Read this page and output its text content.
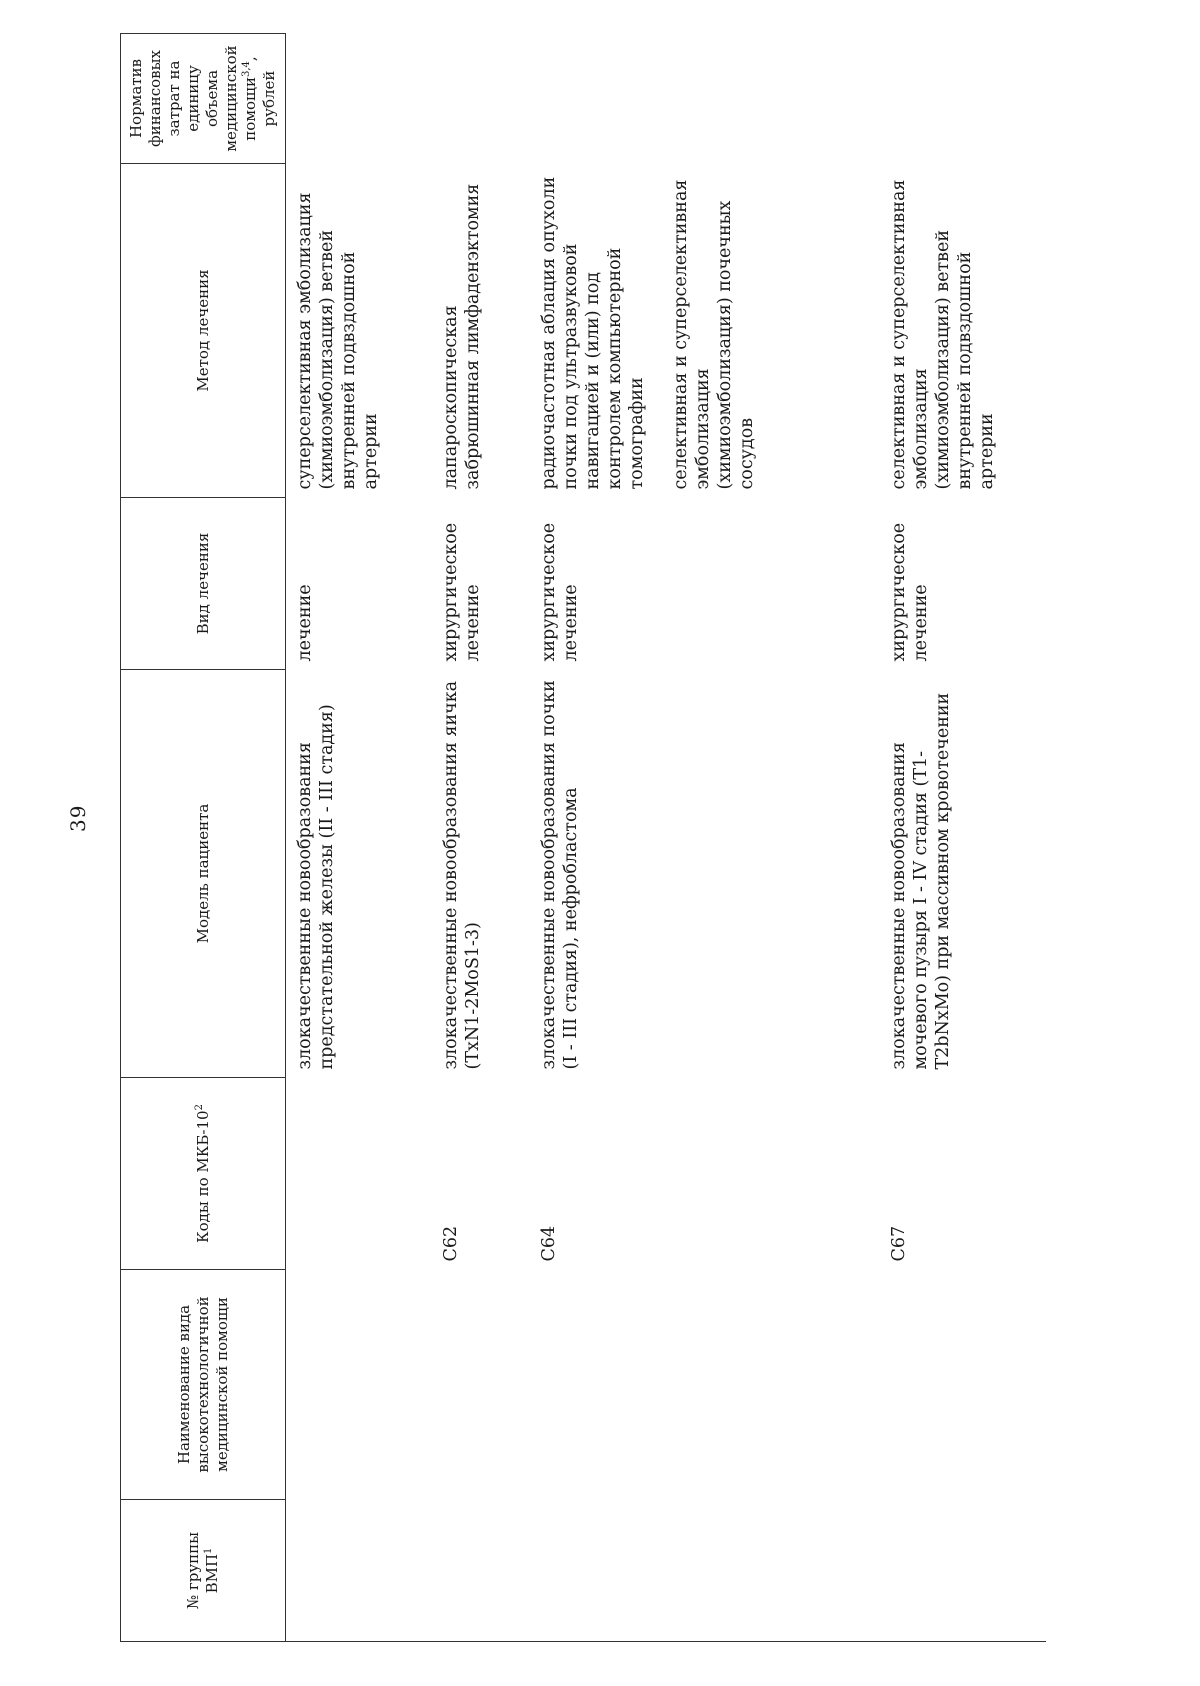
39
№ группы ВМП$^1$	Наименование вида высокотехнологичной медицинской помощи	Коды по МКБ-$10^2$	Модель пациента	Вид лечения	Метод лечения	Норматив финансовых затрат на единицу объема медицинской помощи$^{3,4}$, рублей
			злокачественные новообразования предстательной железы (II - III стадия)	лечение	суперселективная эмболизация (химиоэмболизация) ветвей внутренней подвздошной артерии	

		C62	злокачественные новообразования яичка (TxN1-2MoS1-3)	хирургическое лечение	лапароскопическая забрюшинная лимфаденэктомия	

		C64	злокачественные новообразования почки (I - III стадия), нефробластома	хирургическое лечение	радиочастотная аблация опухоли почки под ультразвуковой навигацией и (или) под контролем компьютерной томографии селективная и суперселективная эмболизация (химиоэмболизация) почечных сосудов	

		C67	злокачественные новообразования мочевого пузыря I - IV стадия (T1-T2bNxMo) при массивном кровотечении	хирургическое лечение	селективная и суперселективная эмболизация (химиоэмболизация) ветвей внутренней подвздошной артерии	
